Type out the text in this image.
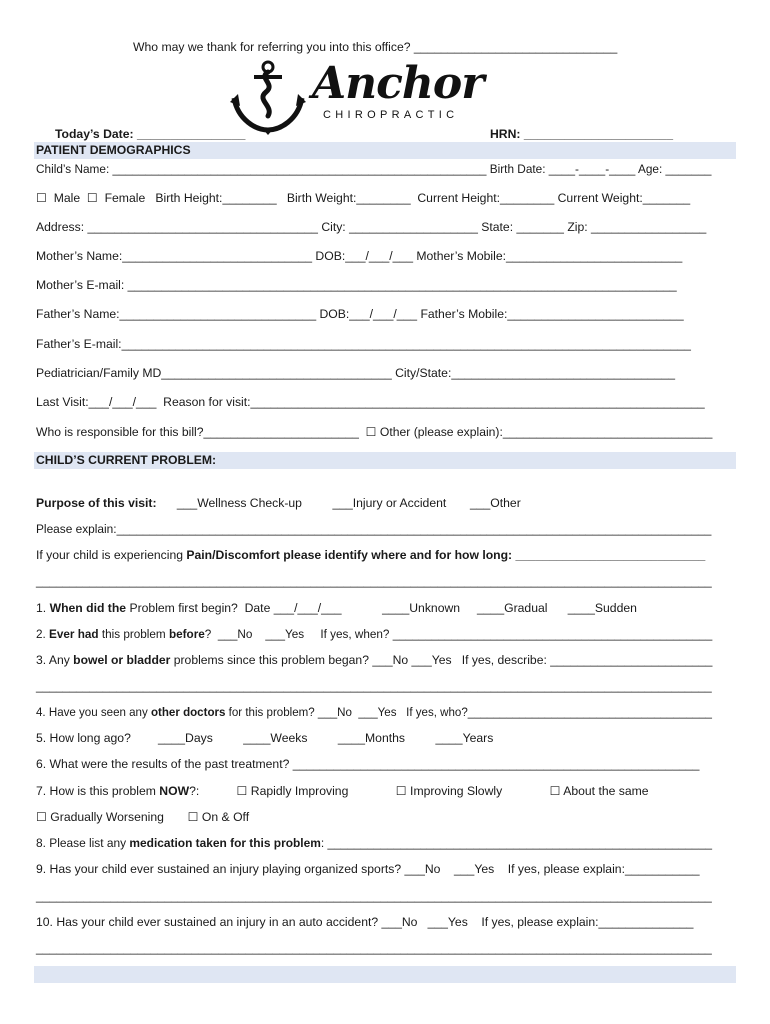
Who may we thank for referring you into this office? ______________________________
Anchor
CHIROPRACTIC
Today’s Date: ________________	HRN: ______________________
PATIENT DEMOGRAPHICS
Child’s Name: _________________________________________________________ Birth Date: ____-____-____ Age: _______
☐  Male  ☐  Female   Birth Height:________   Birth Weight:________  Current Height:________ Current Weight:_______
Address: __________________________________ City: ___________________ State: _______ Zip: _________________
Mother’s Name:____________________________ DOB:___/___/___ Mother’s Mobile:__________________________
Mother’s E-mail: _________________________________________________________________________________
Father’s Name:_____________________________ DOB:___/___/___ Father’s Mobile:__________________________
Father’s E-mail:____________________________________________________________________________________
Pediatrician/Family MD__________________________________ City/State:_________________________________
Last Visit:___/___/___  Reason for visit:___________________________________________________________________
Who is responsible for this bill?_______________________  ☐ Other (please explain):_______________________________
CHILD’S CURRENT PROBLEM:
Purpose of this visit:      ___Wellness Check-up         ___Injury or Accident       ___Other
Please explain:__________________________________________________________________________________________
If your child is experiencing Pain/Discomfort please identify where and for how long: ____________________________
_____________________________________________________________________________________________________
1. When did the Problem first begin?  Date ___/___/___            ____Unknown     ____Gradual      ____Sudden
2. Ever had this problem before?  ___No    ___Yes     If yes, when? _________________________________________________
3. Any bowel or bladder problems since this problem began? ___No ___Yes   If yes, describe: ________________________
_____________________________________________________________________________________________________
4. Have you seen any other doctors for this problem? ___No  ___Yes   If yes, who?______________________________________
5. How long ago?        ____Days         ____Weeks         ____Months         ____Years
6. What were the results of the past treatment? ____________________________________________________________
7. How is this problem NOW?:           ☐ Rapidly Improving              ☐ Improving Slowly              ☐ About the same
☐ Gradually Worsening       ☐ On & Off
8. Please list any medication taken for this problem: __________________________________________________________
9. Has your child ever sustained an injury playing organized sports? ___No    ___Yes    If yes, please explain:___________
____________________________________________________________________________________________________
10. Has your child ever sustained an injury in an auto accident? ___No   ___Yes    If yes, please explain:______________
____________________________________________________________________________________________________
